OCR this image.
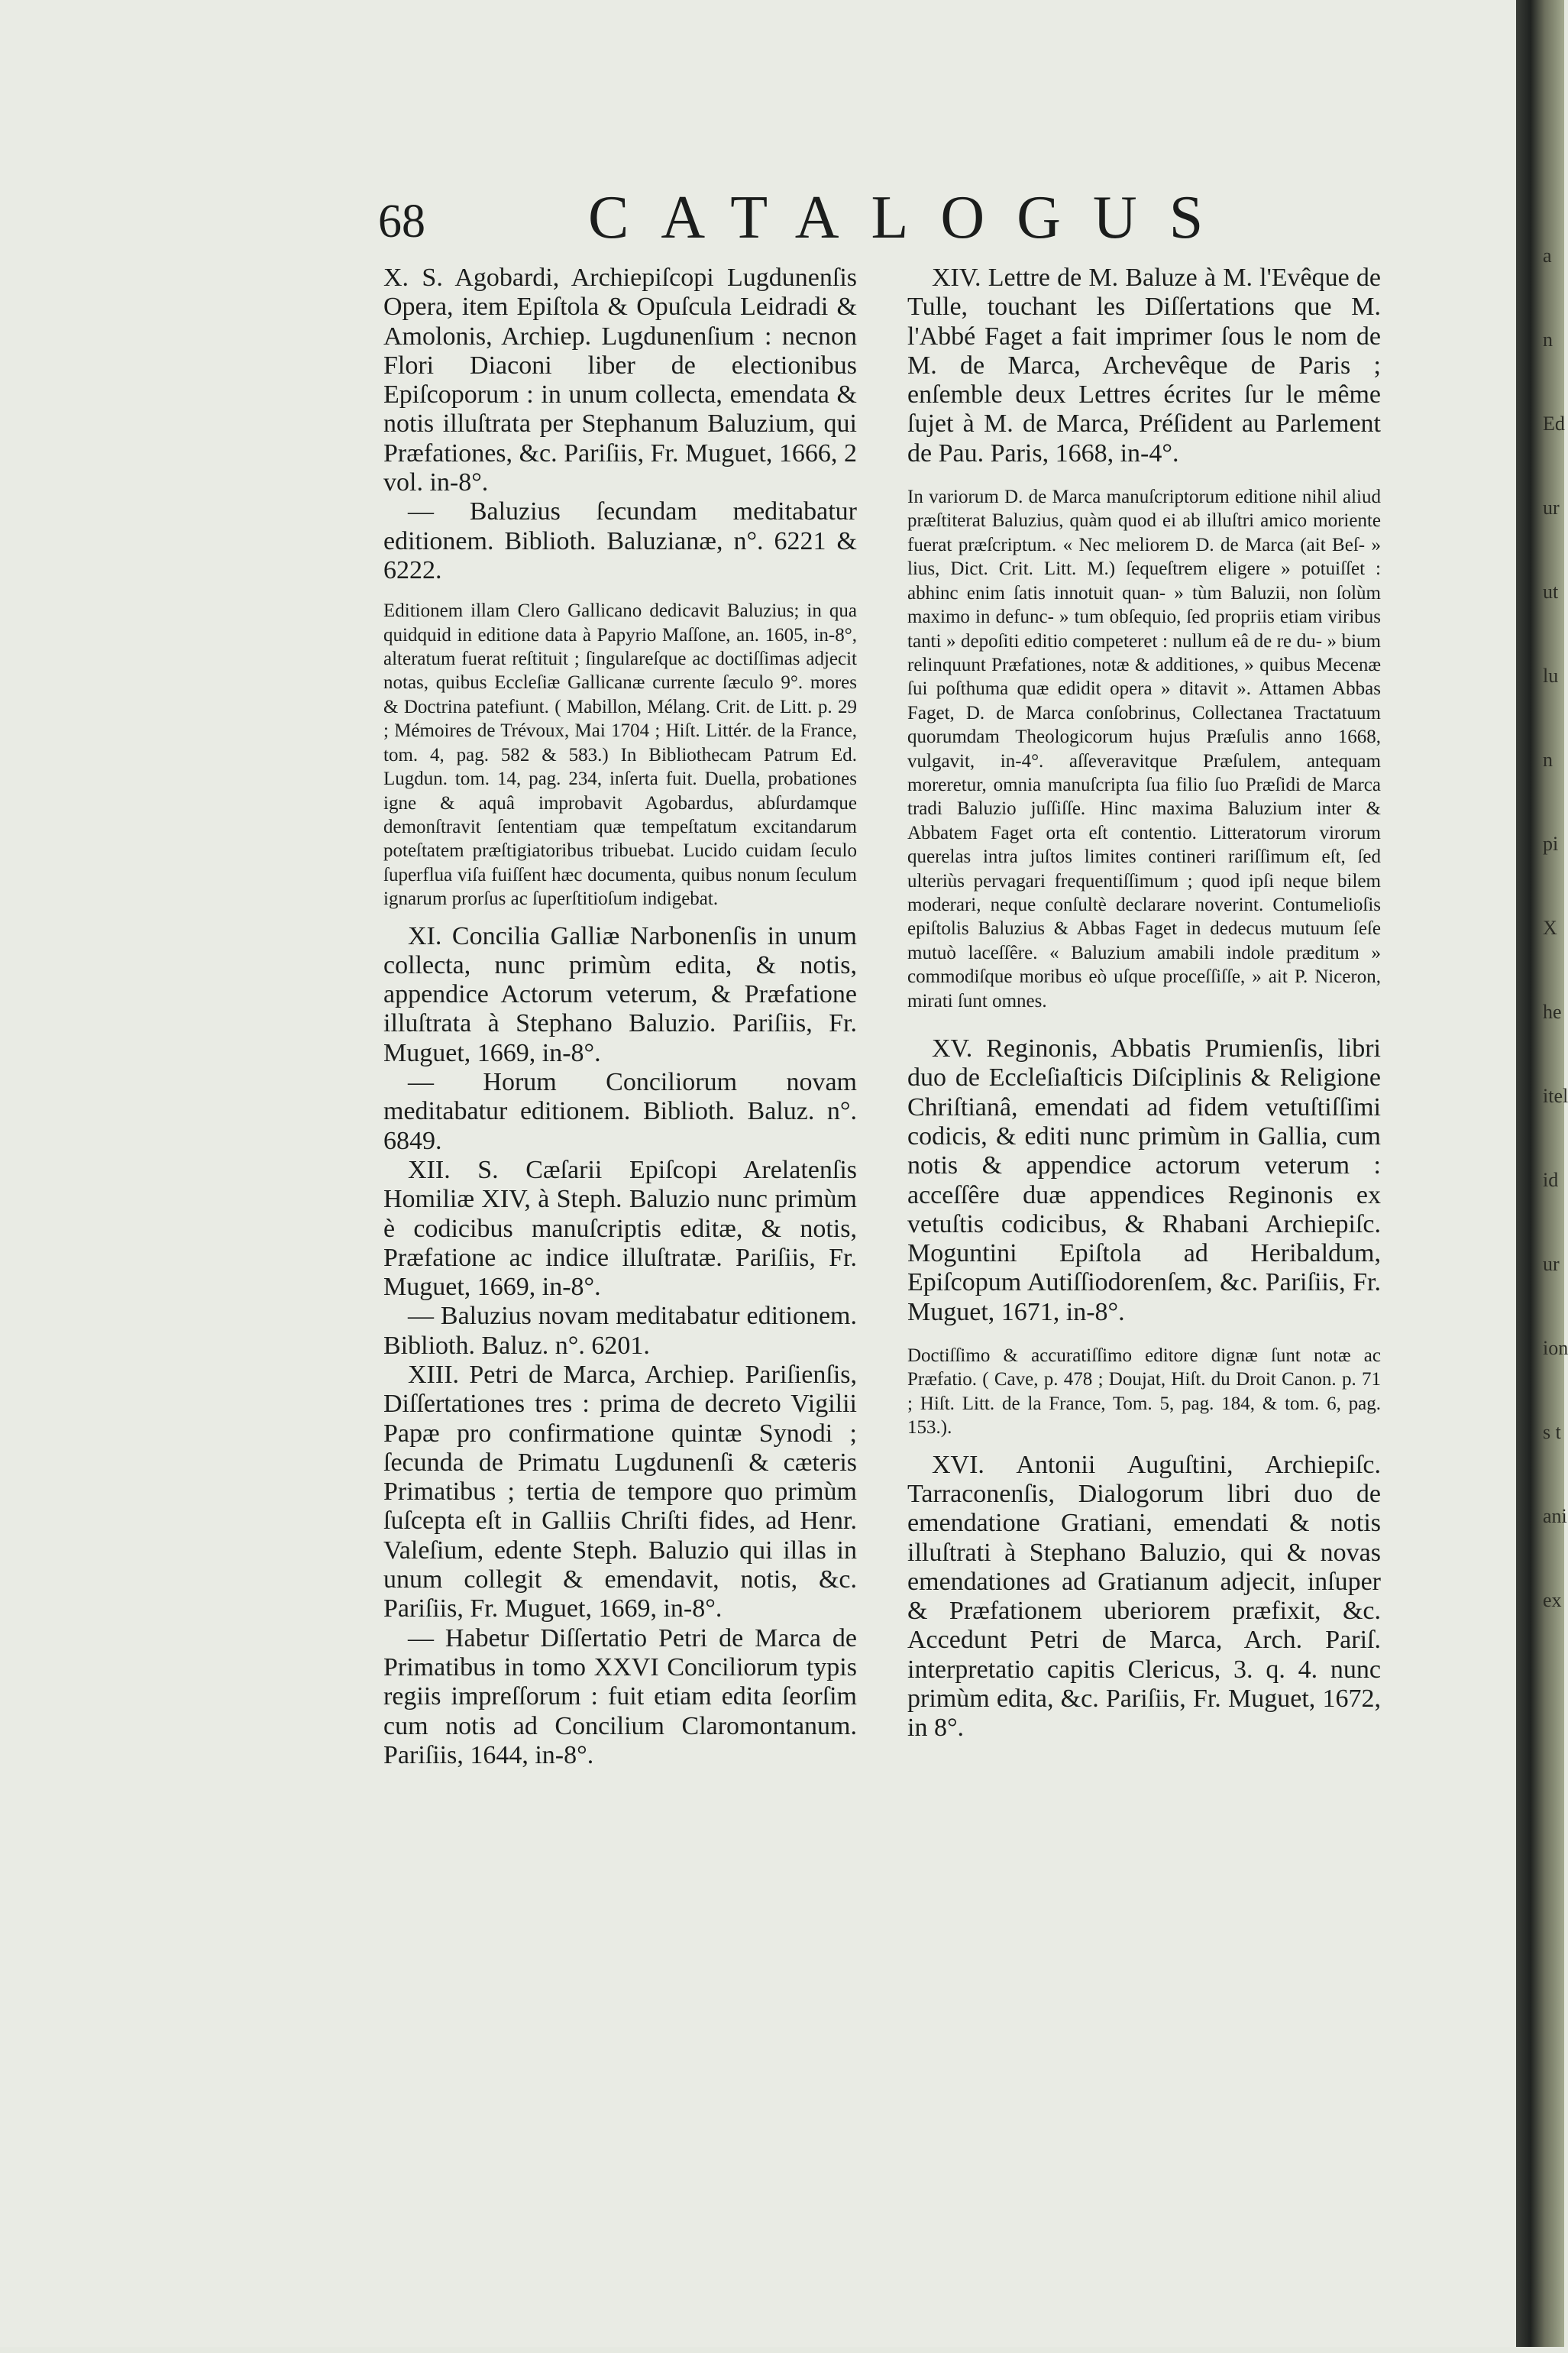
68	CATALOGUS

X. S. Agobardi, Archiepiſcopi Lugdunenſis Opera, item Epiſtola & Opuſcula Leidradi & Amolonis, Archiep. Lugdunenſium : necnon Flori Diaconi liber de electionibus Epiſcoporum : in unum collecta, emendata & notis illuſtrata per Stephanum Baluzium, qui Præfationes, &c. Pariſiis, Fr. Muguet, 1666, 2 vol. in-8°.

— Baluzius ſecundam meditabatur editionem. Biblioth. Baluzianæ, n°. 6221 & 6222.

Editionem illam Clero Gallicano dedicavit Baluzius; in qua quidquid in editione data à Papyrio Maſſone, an. 1605, in-8°, alteratum fuerat reſtituit ; ſingulareſque ac doctiſſimas adjecit notas, quibus Eccleſiæ Gallicanæ currente ſæculo 9°. mores & Doctrina patefiunt. ( Mabillon, Mélang. Crit. de Litt. p. 29 ; Mémoires de Trévoux, Mai 1704 ; Hiſt. Littér. de la France, tom. 4, pag. 582 & 583.) In Bibliothecam Patrum Ed. Lugdun. tom. 14, pag. 234, inſerta fuit. Duella, probationes igne & aquâ improbavit Agobardus, abſurdamque demonſtravit ſententiam quæ tempeſtatum excitandarum poteſtatem præſtigiatoribus tribuebat. Lucido cuidam ſeculo ſuperflua viſa fuiſſent hæc documenta, quibus nonum ſeculum ignarum prorſus ac ſuperſtitioſum indigebat.

XI. Concilia Galliæ Narbonenſis in unum collecta, nunc primùm edita, & notis, appendice Actorum veterum, & Præfatione illuſtrata à Stephano Baluzio. Pariſiis, Fr. Muguet, 1669, in-8°.

— Horum Conciliorum novam meditabatur editionem. Biblioth. Baluz. n°. 6849.

XII. S. Cæſarii Epiſcopi Arelatenſis Homiliæ XIV, à Steph. Baluzio nunc primùm è codicibus manuſcriptis editæ, & notis, Præfatione ac indice illuſtratæ. Pariſiis, Fr. Muguet, 1669, in-8°.

— Baluzius novam meditabatur editionem. Biblioth. Baluz. n°. 6201.

XIII. Petri de Marca, Archiep. Pariſienſis, Diſſertationes tres : prima de decreto Vigilii Papæ pro confirmatione quintæ Synodi ; ſecunda de Primatu Lugdunenſi & cæteris Primatibus ; tertia de tempore quo primùm ſuſcepta eſt in Galliis Chriſti fides, ad Henr. Valeſium, edente Steph. Baluzio qui illas in unum collegit & emendavit, notis, &c. Pariſiis, Fr. Muguet, 1669, in-8°.

— Habetur Diſſertatio Petri de Marca de Primatibus in tomo XXVI Conciliorum typis regiis impreſſorum : fuit etiam edita ſeorſim cum notis ad Concilium Claromontanum. Pariſiis, 1644, in-8°.

XIV. Lettre de M. Baluze à M. l'Evêque de Tulle, touchant les Diſſertations que M. l'Abbé Faget a fait imprimer ſous le nom de M. de Marca, Archevêque de Paris ; enſemble deux Lettres écrites ſur le même ſujet à M. de Marca, Préſident au Parlement de Pau. Paris, 1668, in-4°.

In variorum D. de Marca manuſcriptorum editione nihil aliud præſtiterat Baluzius, quàm quod ei ab illuſtri amico moriente fuerat præſcriptum. « Nec meliorem D. de Marca (ait Beſ- » lius, Dict. Crit. Litt. M.) ſequeſtrem eligere » potuiſſet : abhinc enim ſatis innotuit quan- » tùm Baluzii, non ſolùm maximo in defunc- » tum obſequio, ſed propriis etiam viribus tanti » depoſiti editio competeret : nullum eâ de re du- » bium relinquunt Præfationes, notæ & additiones, » quibus Mecenæ ſui poſthuma quæ edidit opera » ditavit ». Attamen Abbas Faget, D. de Marca conſobrinus, Collectanea Tractatuum quorumdam Theologicorum hujus Præſulis anno 1668, vulgavit, in-4°. aſſeveravitque Præſulem, antequam moreretur, omnia manuſcripta ſua filio ſuo Præſidi de Marca tradi Baluzio juſſiſſe. Hinc maxima Baluzium inter & Abbatem Faget orta eſt contentio. Litteratorum virorum querelas intra juſtos limites contineri rariſſimum eſt, ſed ulteriùs pervagari frequentiſſimum ; quod ipſi neque bilem moderari, neque conſultè declarare noverint. Contumelioſis epiſtolis Baluzius & Abbas Faget in dedecus mutuum ſeſe mutuò laceſſêre. « Baluzium amabili indole præditum » commodiſque moribus eò uſque proceſſiſſe, » ait P. Niceron, mirati ſunt omnes.

XV. Reginonis, Abbatis Prumienſis, libri duo de Eccleſiaſticis Diſciplinis & Religione Chriſtianâ, emendati ad fidem vetuſtiſſimi codicis, & editi nunc primùm in Gallia, cum notis & appendice actorum veterum : acceſſêre duæ appendices Reginonis ex vetuſtis codicibus, & Rhabani Archiepiſc. Moguntini Epiſtola ad Heribaldum, Epiſcopum Autiſſiodorenſem, &c. Pariſiis, Fr. Muguet, 1671, in-8°.

Doctiſſimo & accuratiſſimo editore dignæ ſunt notæ ac Præfatio. ( Cave, p. 478 ; Doujat, Hiſt. du Droit Canon. p. 71 ; Hiſt. Litt. de la France, Tom. 5, pag. 184, & tom. 6, pag. 153.).

XVI. Antonii Auguſtini, Archiepiſc. Tarraconenſis, Dialogorum libri duo de emendatione Gratiani, emendati & notis illuſtrati à Stephano Baluzio, qui & novas emendationes ad Gratianum adjecit, inſuper & Præfationem uberiorem præfixit, &c. Accedunt Petri de Marca, Arch. Pariſ. interpretatio capitis Clericus, 3. q. 4. nunc primùm edita, &c. Pariſiis, Fr. Muguet, 1672, in 8°.

a n Ed ur ut lu n pi X he itel id ur ion s t ani ex
